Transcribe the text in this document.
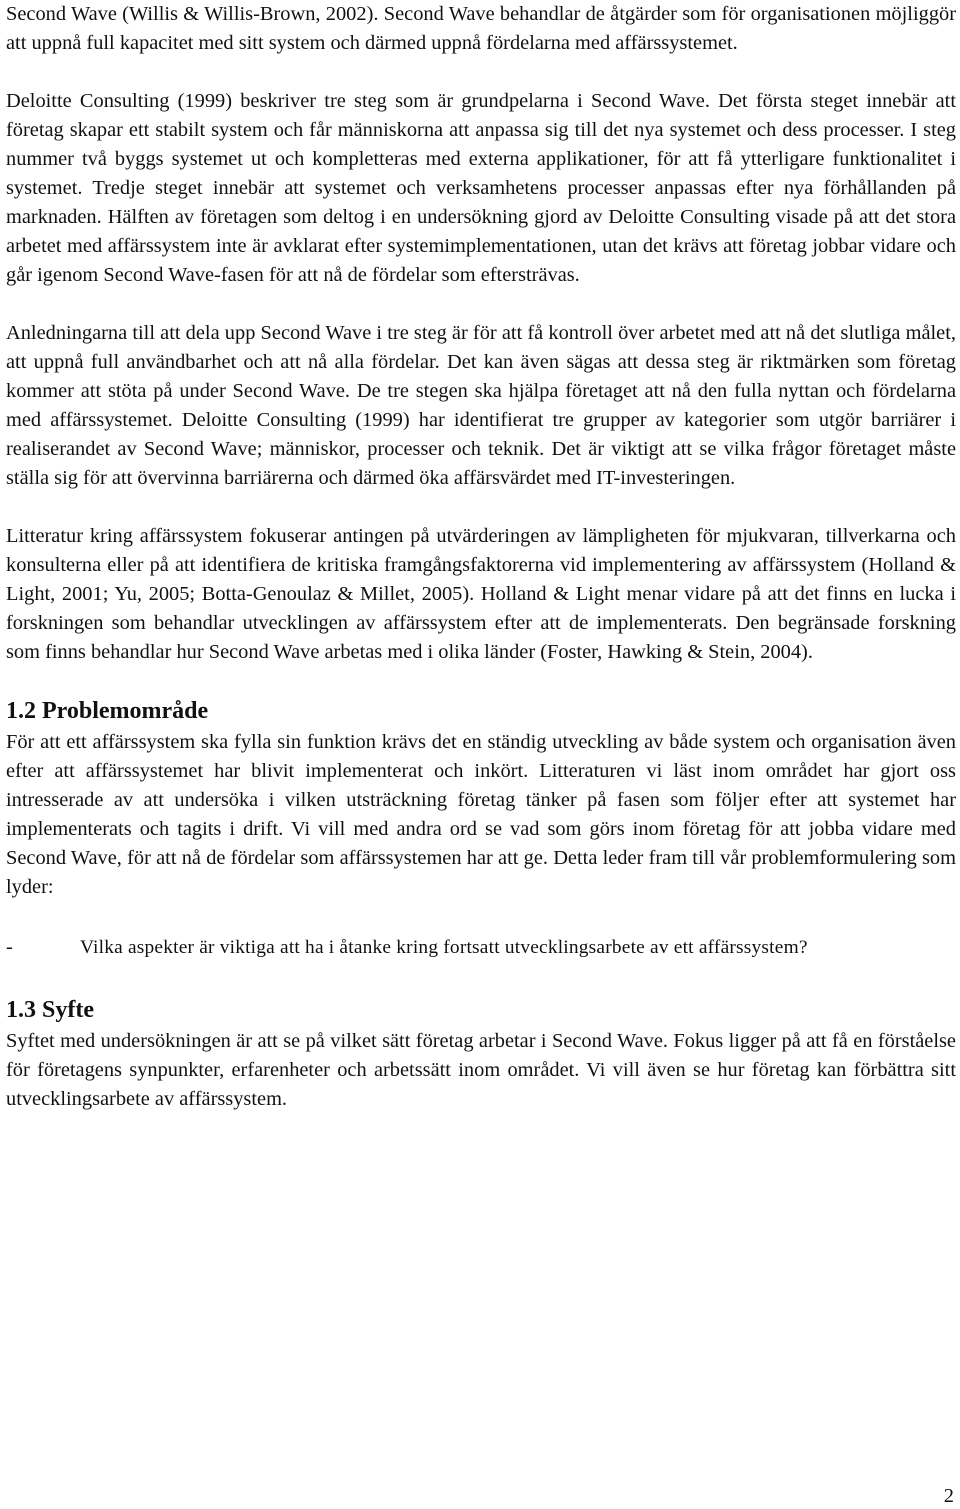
Second Wave (Willis & Willis-Brown, 2002). Second Wave behandlar de åtgärder som för organisationen möjliggör att uppnå full kapacitet med sitt system och därmed uppnå fördelarna med affärssystemet.

Deloitte Consulting (1999) beskriver tre steg som är grundpelarna i Second Wave. Det första steget innebär att företag skapar ett stabilt system och får människorna att anpassa sig till det nya systemet och dess processer. I steg nummer två byggs systemet ut och kompletteras med externa applikationer, för att få ytterligare funktionalitet i systemet. Tredje steget innebär att systemet och verksamhetens processer anpassas efter nya förhållanden på marknaden. Hälften av företagen som deltog i en undersökning gjord av Deloitte Consulting visade på att det stora arbetet med affärssystem inte är avklarat efter systemimplementationen, utan det krävs att företag jobbar vidare och går igenom Second Wave-fasen för att nå de fördelar som eftersträvas.

Anledningarna till att dela upp Second Wave i tre steg är för att få kontroll över arbetet med att nå det slutliga målet, att uppnå full användbarhet och att nå alla fördelar. Det kan även sägas att dessa steg är riktmärken som företag kommer att stöta på under Second Wave. De tre stegen ska hjälpa företaget att nå den fulla nyttan och fördelarna med affärssystemet. Deloitte Consulting (1999) har identifierat tre grupper av kategorier som utgör barriärer i realiserandet av Second Wave; människor, processer och teknik. Det är viktigt att se vilka frågor företaget måste ställa sig för att övervinna barriärerna och därmed öka affärsvärdet med IT-investeringen.

Litteratur kring affärssystem fokuserar antingen på utvärderingen av lämpligheten för mjukvaran, tillverkarna och konsulterna eller på att identifiera de kritiska framgångsfaktorerna vid implementering av affärssystem (Holland & Light, 2001; Yu, 2005; Botta-Genoulaz & Millet, 2005). Holland & Light menar vidare på att det finns en lucka i forskningen som behandlar utvecklingen av affärssystem efter att de implementerats. Den begränsade forskning som finns behandlar hur Second Wave arbetas med i olika länder (Foster, Hawking & Stein, 2004).

1.2 Problemområde

För att ett affärssystem ska fylla sin funktion krävs det en ständig utveckling av både system och organisation även efter att affärssystemet har blivit implementerat och inkört. Litteraturen vi läst inom området har gjort oss intresserade av att undersöka i vilken utsträckning företag tänker på fasen som följer efter att systemet har implementerats och tagits i drift. Vi vill med andra ord se vad som görs inom företag för att jobba vidare med Second Wave, för att nå de fördelar som affärssystemen har att ge. Detta leder fram till vår problemformulering som lyder:

-	Vilka aspekter är viktiga att ha i åtanke kring fortsatt utvecklingsarbete av ett affärssystem?
1.3 Syfte

Syftet med undersökningen är att se på vilket sätt företag arbetar i Second Wave. Fokus ligger på att få en förståelse för företagens synpunkter, erfarenheter och arbetssätt inom området. Vi vill även se hur företag kan förbättra sitt utvecklingsarbete av affärssystem.

2
